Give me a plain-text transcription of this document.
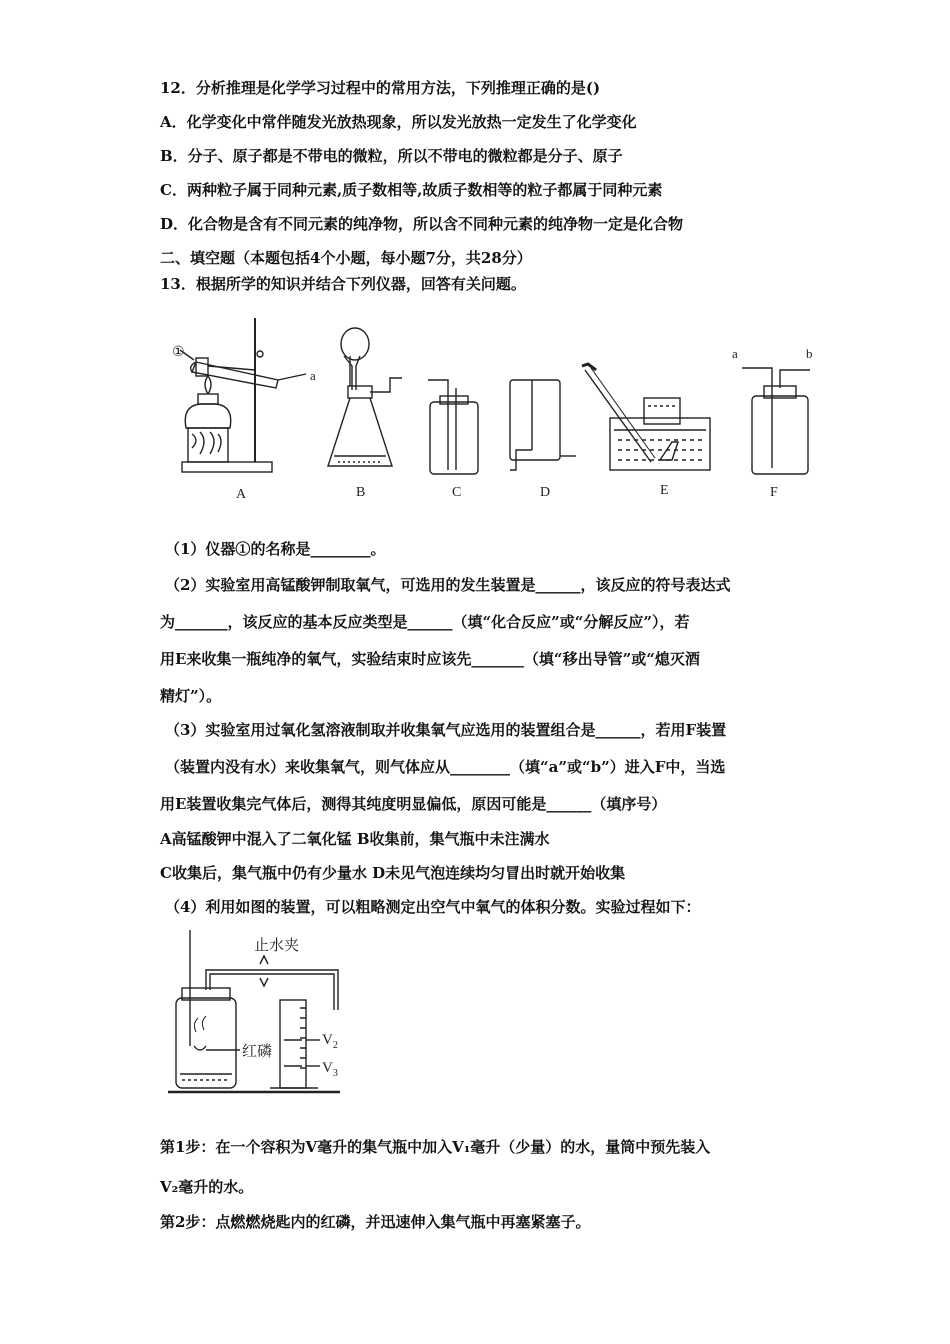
12．分析推理是化学学习过程中的常用方法，下列推理正确的是()
A．化学变化中常伴随发光放热现象，所以发光放热一定发生了化学变化
B．分子、原子都是不带电的微粒，所以不带电的微粒都是分子、原子
C．两种粒子属于同种元素,质子数相等,故质子数相等的粒子都属于同种元素
D．化合物是含有不同元素的纯净物，所以含不同种元素的纯净物一定是化合物
二、填空题（本题包括4个小题，每小题7分，共28分）
13．根据所学的知识并结合下列仪器，回答有关问题。
①
a
a	b
A	B	C	D	E	F
（1）仪器①的名称是________。
（2）实验室用高锰酸钾制取氧气，可选用的发生装置是______，该反应的符号表达式
为_______，该反应的基本反应类型是______（填“化合反应”或“分解反应”），若
用E来收集一瓶纯净的氧气，实验结束时应该先_______（填“移出导管”或“熄灭酒
精灯”）。
（3）实验室用过氧化氢溶液制取并收集氧气应选用的装置组合是______，若用F装置
（装置内没有水）来收集氧气，则气体应从________（填“a”或“b”）进入F中，当选
用E装置收集完气体后，测得其纯度明显偏低，原因可能是______（填序号）
A高锰酸钾中混入了二氧化锰 B收集前，集气瓶中未注满水
C收集后，集气瓶中仍有少量水 D未见气泡连续均匀冒出时就开始收集
（4）利用如图的装置，可以粗略测定出空气中氧气的体积分数。实验过程如下：
止水夹
红磷
$V_2$
$V_3$
第1步：在一个容积为V毫升的集气瓶中加入V₁毫升（少量）的水，量筒中预先装入
V₂毫升的水。
第2步：点燃燃烧匙内的红磷，并迅速伸入集气瓶中再塞紧塞子。
